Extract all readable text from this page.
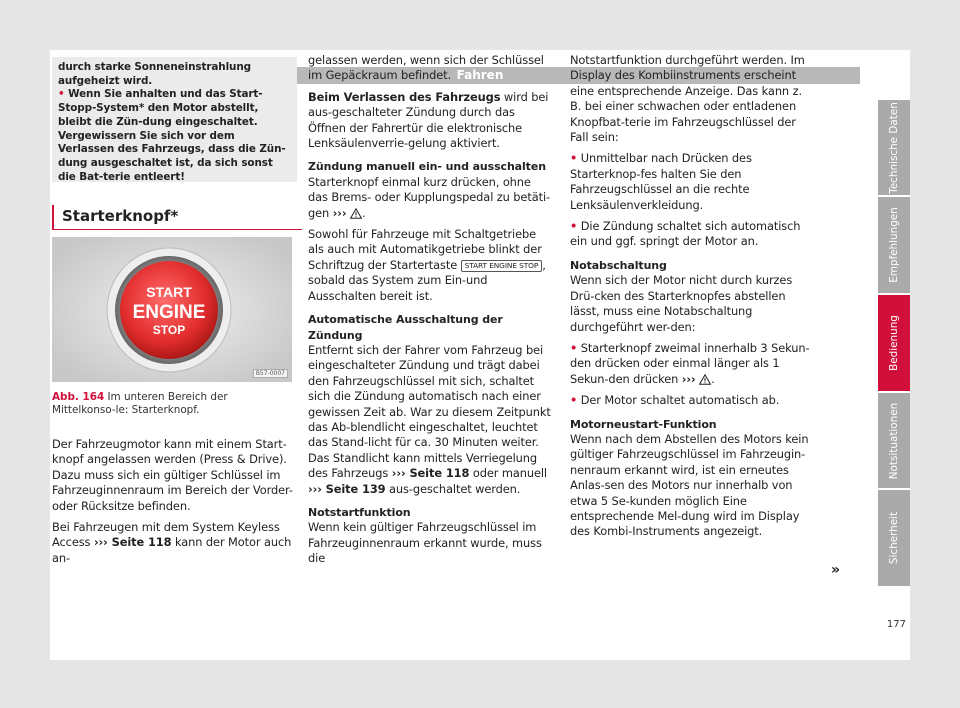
Fahren

durch starke Sonneneinstrahlung aufgeheizt wird.

• Wenn Sie anhalten und das Start-Stopp-System* den Motor abstellt, bleibt die Zün-dung eingeschaltet. Vergewissern Sie sich vor dem Verlassen des Fahrzeugs, dass die Zün-dung ausgeschaltet ist, da sich sonst die Bat-terie entleert!

Starterknopf*
START
ENGINE
STOP
B57-0007
Abb. 164 Im unteren Bereich der Mittelkonso-le: Starterknopf.

Der Fahrzeugmotor kann mit einem Start-knopf angelassen werden (Press & Drive). Dazu muss sich ein gültiger Schlüssel im Fahrzeuginnenraum im Bereich der Vorder- oder Rücksitze befinden.

Bei Fahrzeugen mit dem System Keyless Access ››› Seite 118 kann der Motor auch an-

gelassen werden, wenn sich der Schlüssel im Gepäckraum befindet.

Beim Verlassen des Fahrzeugs wird bei aus-geschalteter Zündung durch das Öffnen der Fahrertür die elektronische Lenksäulenverrie-gelung aktiviert.

Zündung manuell ein- und ausschalten

Starterknopf einmal kurz drücken, ohne das Brems- oder Kupplungspedal zu betäti-gen ››› .

Sowohl für Fahrzeuge mit Schaltgetriebe als auch mit Automatikgetriebe blinkt der Schriftzug der Startertaste START ENGINE STOP , sobald das System zum Ein-und Ausschalten bereit ist.

Automatische Ausschaltung der Zündung

Entfernt sich der Fahrer vom Fahrzeug bei eingeschalteter Zündung und trägt dabei den Fahrzeugschlüssel mit sich, schaltet sich die Zündung automatisch nach einer gewissen Zeit ab. War zu diesem Zeitpunkt das Ab-blendlicht eingeschaltet, leuchtet das Stand-licht für ca. 30 Minuten weiter. Das Standlicht kann mittels Verriegelung des Fahrzeugs ››› Seite 118 oder manuell ››› Seite 139 aus-geschaltet werden.

Notstartfunktion

Wenn kein gültiger Fahrzeugschlüssel im Fahrzeuginnenraum erkannt wurde, muss die

Notstartfunktion durchgeführt werden. Im Display des Kombiinstruments erscheint eine entsprechende Anzeige. Das kann z. B. bei einer schwachen oder entladenen Knopfbat-terie im Fahrzeugschlüssel der Fall sein:

• Unmittelbar nach Drücken des Starterknop-fes halten Sie den Fahrzeugschlüssel an die rechte Lenksäulenverkleidung.

• Die Zündung schaltet sich automatisch ein und ggf. springt der Motor an.

Notabschaltung

Wenn sich der Motor nicht durch kurzes Drü-cken des Starterknopfes abstellen lässt, muss eine Notabschaltung durchgeführt wer-den:

• Starterknopf zweimal innerhalb 3 Sekun-den drücken oder einmal länger als 1 Sekun-den drücken ››› .

• Der Motor schaltet automatisch ab.

Motorneustart-Funktion

Wenn nach dem Abstellen des Motors kein gültiger Fahrzeugschlüssel im Fahrzeugin-nenraum erkannt wird, ist ein erneutes Anlas-sen des Motors nur innerhalb von etwa 5 Se-kunden möglich Eine entsprechende Mel-dung wird im Display des Kombi-Instruments angezeigt.

»
Technische Daten
Empfehlungen
Bedienung
Notsituationen
Sicherheit
177
